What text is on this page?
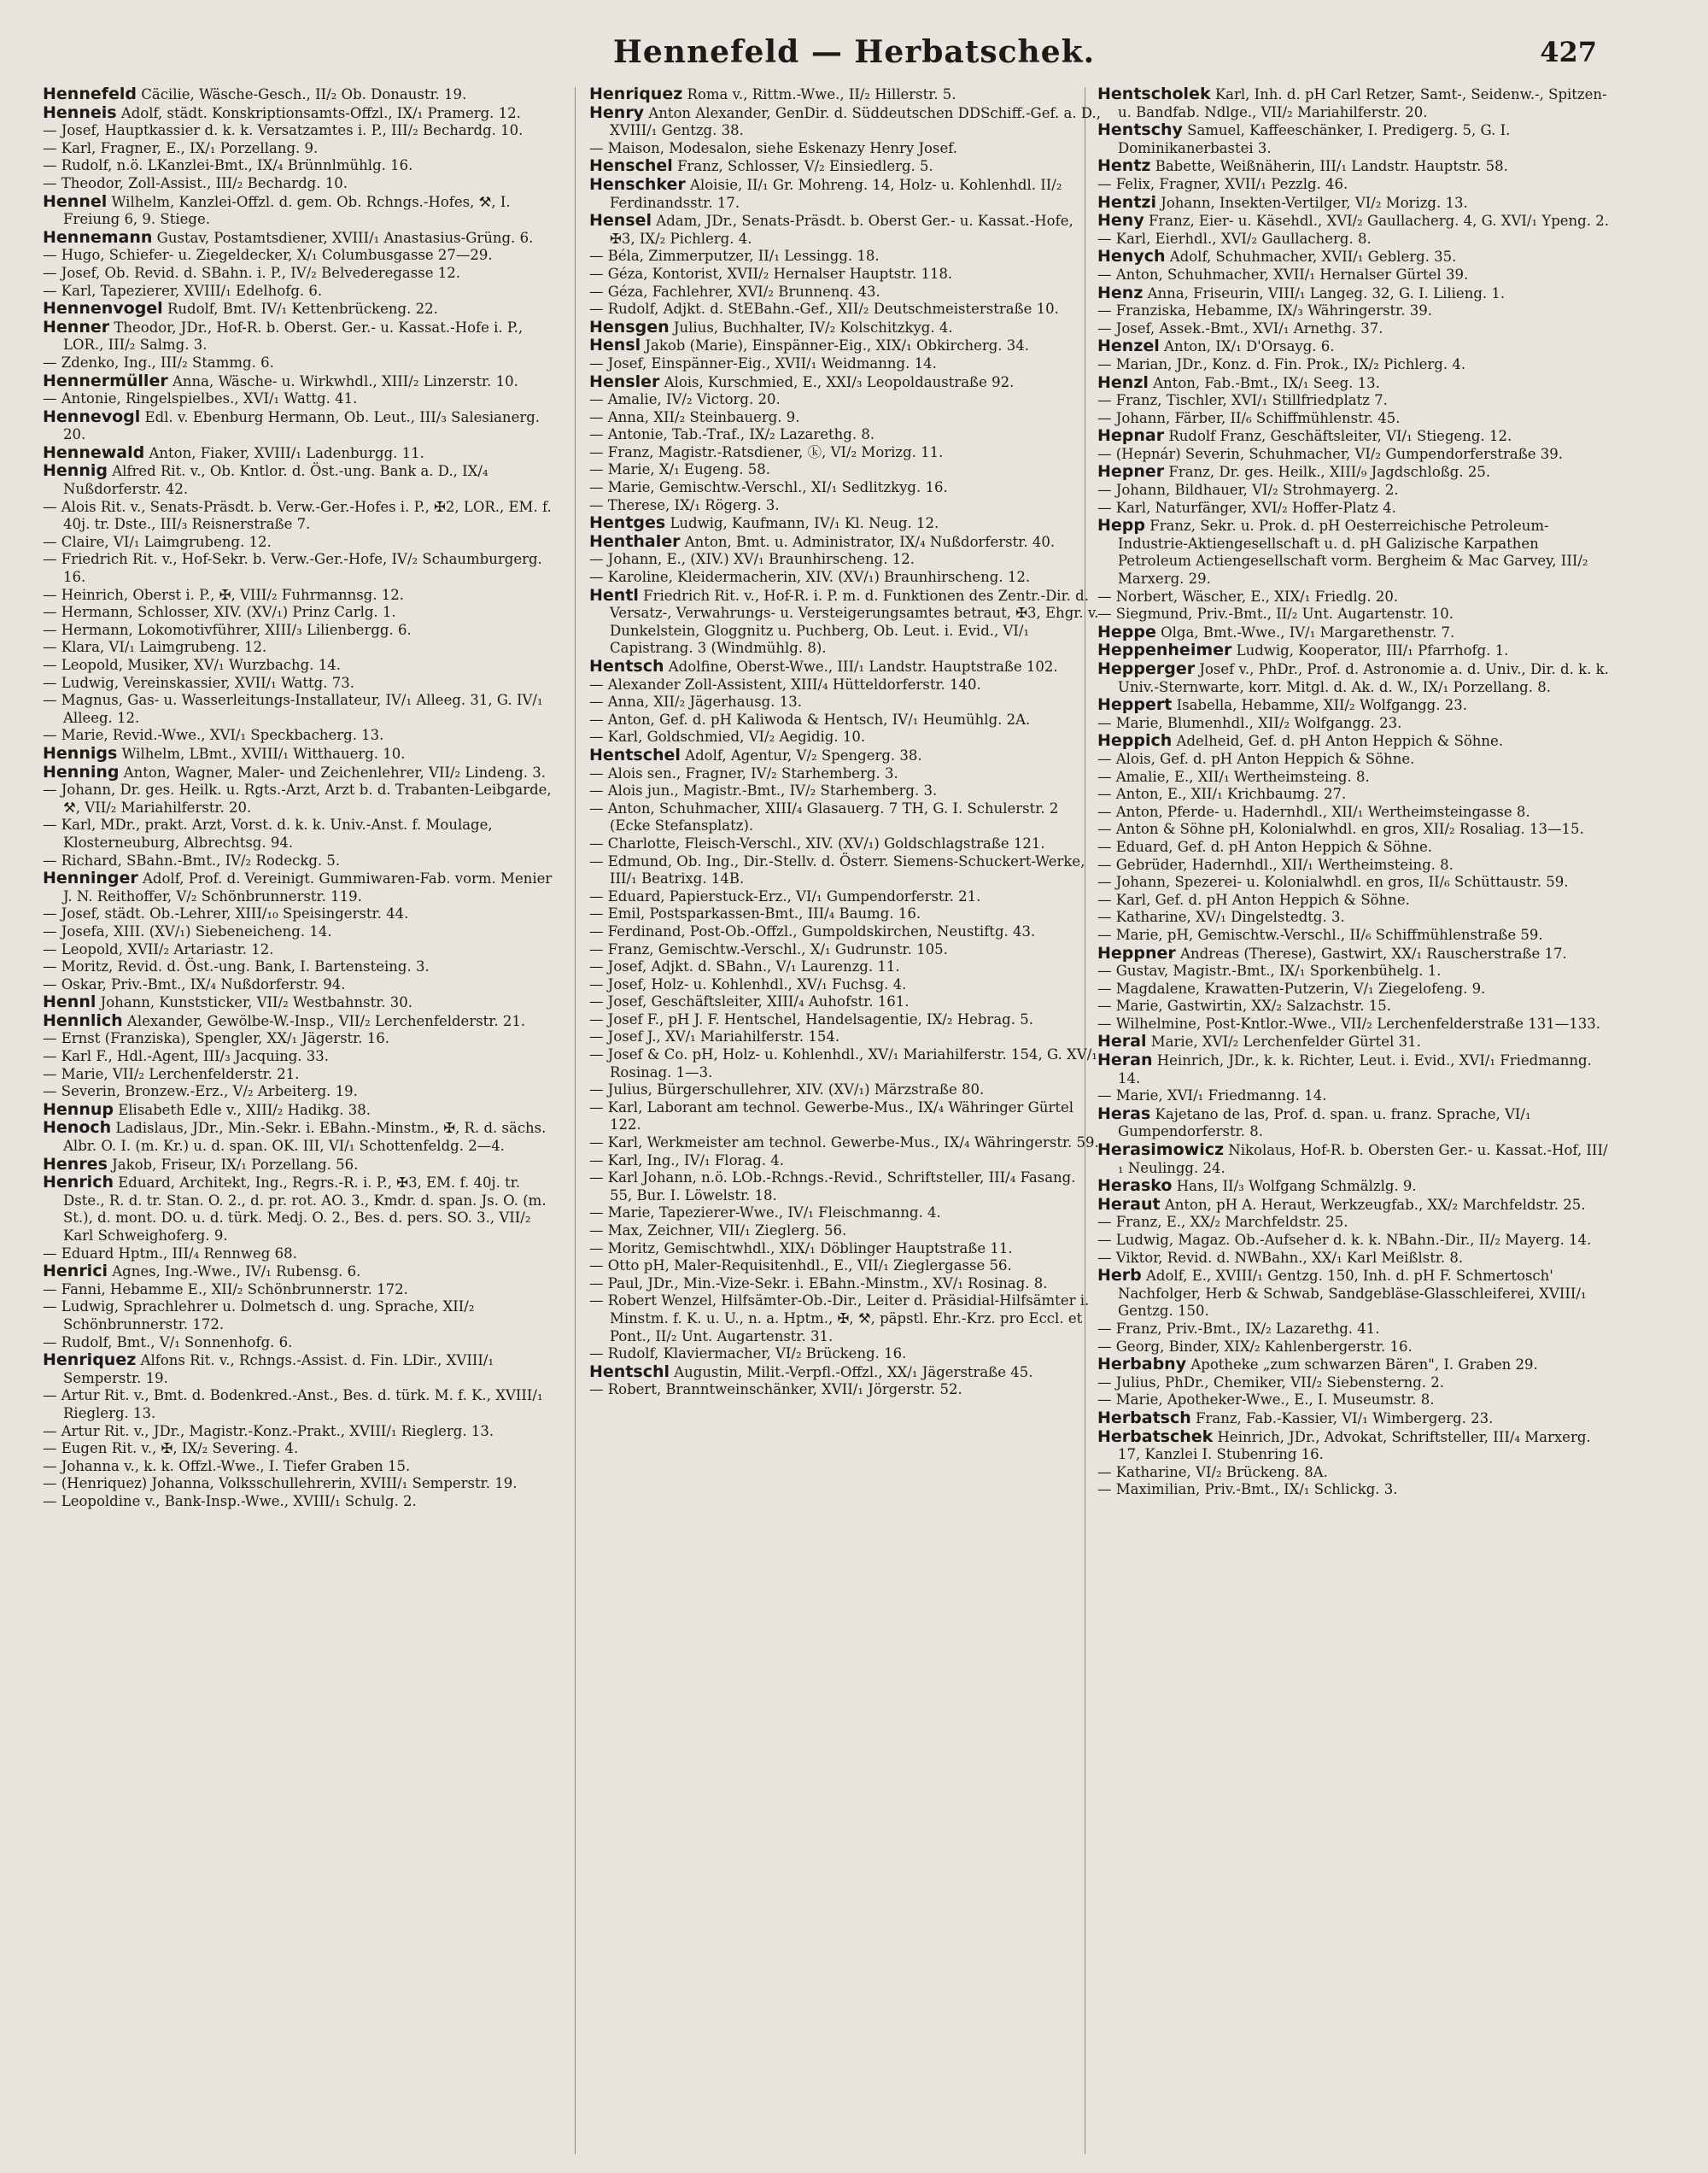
Hennefeld — Herbatschek.	427
Hennefeld Cäcilie, Wäsche-Gesch., II/₂ Ob. Donaustr. 19.
Henneis Adolf, städt. Konskriptionsamts-Offzl., IX/₁ Pramerg. 12.
— Josef, Hauptkassier d. k. k. Versatzamtes i. P., III/₂ Bechardg. 10.
— Karl, Fragner, E., IX/₁ Porzellang. 9.
— Rudolf, n.ö. LKanzlei-Bmt., IX/₄ Brünnlmühlg. 16.
— Theodor, Zoll-Assist., III/₂ Bechardg. 10.
Hennel Wilhelm, Kanzlei-Offzl. d. gem. Ob. Rchngs.-Hofes, ⚒, I. Freiung 6, 9. Stiege.
Hennemann Gustav, Postamtsdiener, XVIII/₁ Anastasius-Grüng. 6.
— Hugo, Schiefer- u. Ziegeldecker, X/₁ Columbusgasse 27—29.
— Josef, Ob. Revid. d. SBahn. i. P., IV/₂ Belvederegasse 12.
— Karl, Tapezierer, XVIII/₁ Edelhofg. 6.
Hennenvogel Rudolf, Bmt. IV/₁ Kettenbrückeng. 22.
Henner Theodor, JDr., Hof-R. b. Oberst. Ger.- u. Kassat.-Hofe i. P., LOR., III/₂ Salmg. 3.
— Zdenko, Ing., III/₂ Stammg. 6.
Hennermüller Anna, Wäsche- u. Wirkwhdl., XIII/₂ Linzerstr. 10.
— Antonie, Ringelspielbes., XVI/₁ Wattg. 41.
Hennevogl Edl. v. Ebenburg Hermann, Ob. Leut., III/₃ Salesianerg. 20.
Hennewald Anton, Fiaker, XVIII/₁ Ladenburgg. 11.
Hennig Alfred Rit. v., Ob. Kntlor. d. Öst.-ung. Bank a. D., IX/₄ Nußdorferstr. 42.
— Alois Rit. v., Senats-Präsdt. b. Verw.-Ger.-Hofes i. P., ✠2, LOR., EM. f. 40j. tr. Dste., III/₃ Reisnerstraße 7.
— Claire, VI/₁ Laimgrubeng. 12.
— Friedrich Rit. v., Hof-Sekr. b. Verw.-Ger.-Hofe, IV/₂ Schaumburgerg. 16.
— Heinrich, Oberst i. P., ✠, VIII/₂ Fuhrmannsg. 12.
— Hermann, Schlosser, XIV. (XV/₁) Prinz Carlg. 1.
— Hermann, Lokomotivführer, XIII/₃ Lilienbergg. 6.
— Klara, VI/₁ Laimgrubeng. 12.
— Leopold, Musiker, XV/₁ Wurzbachg. 14.
— Ludwig, Vereinskassier, XVII/₁ Wattg. 73.
— Magnus, Gas- u. Wasserleitungs-Installateur, IV/₁ Alleeg. 31, G. IV/₁ Alleeg. 12.
— Marie, Revid.-Wwe., XVI/₁ Speckbacherg. 13.
Hennigs Wilhelm, LBmt., XVIII/₁ Witthauerg. 10.
Henning Anton, Wagner, Maler- und Zeichenlehrer, VII/₂ Lindeng. 3.
— Johann, Dr. ges. Heilk. u. Rgts.-Arzt, Arzt b. d. Trabanten-Leibgarde, ⚒, VII/₂ Mariahilferstr. 20.
— Karl, MDr., prakt. Arzt, Vorst. d. k. k. Univ.-Anst. f. Moulage, Klosterneuburg, Albrechtsg. 94.
— Richard, SBahn.-Bmt., IV/₂ Rodeckg. 5.
Henninger Adolf, Prof. d. Vereinigt. Gummiwaren-Fab. vorm. Menier J. N. Reithoffer, V/₂ Schönbrunnerstr. 119.
— Josef, städt. Ob.-Lehrer, XIII/₁₀ Speisingerstr. 44.
— Josefa, XIII. (XV/₁) Siebeneicheng. 14.
— Leopold, XVII/₂ Artariastr. 12.
— Moritz, Revid. d. Öst.-ung. Bank, I. Bartensteing. 3.
— Oskar, Priv.-Bmt., IX/₄ Nußdorferstr. 94.
Hennl Johann, Kunststicker, VII/₂ Westbahnstr. 30.
Hennlich Alexander, Gewölbe-W.-Insp., VII/₂ Lerchenfelderstr. 21.
— Ernst (Franziska), Spengler, XX/₁ Jägerstr. 16.
— Karl F., Hdl.-Agent, III/₃ Jacquing. 33.
— Marie, VII/₂ Lerchenfelderstr. 21.
— Severin, Bronzew.-Erz., V/₂ Arbeiterg. 19.
Hennup Elisabeth Edle v., XIII/₂ Hadikg. 38.
Henoch Ladislaus, JDr., Min.-Sekr. i. EBahn.-Minstm., ✠, R. d. sächs. Albr. O. I. (m. Kr.) u. d. span. OK. III, VI/₁ Schottenfeldg. 2—4.
Henres Jakob, Friseur, IX/₁ Porzellang. 56.
Henrich Eduard, Architekt, Ing., Regrs.-R. i. P., ✠3, EM. f. 40j. tr. Dste., R. d. tr. Stan. O. 2., d. pr. rot. AO. 3., Kmdr. d. span. Js. O. (m. St.), d. mont. DO. u. d. türk. Medj. O. 2., Bes. d. pers. SO. 3., VII/₂ Karl Schweighoferg. 9.
— Eduard Hptm., III/₄ Rennweg 68.
Henrici Agnes, Ing.-Wwe., IV/₁ Rubensg. 6.
— Fanni, Hebamme E., XII/₂ Schönbrunnerstr. 172.
— Ludwig, Sprachlehrer u. Dolmetsch d. ung. Sprache, XII/₂ Schönbrunnerstr. 172.
— Rudolf, Bmt., V/₁ Sonnenhofg. 6.
Henriquez Alfons Rit. v., Rchngs.-Assist. d. Fin. LDir., XVIII/₁ Semperstr. 19.
— Artur Rit. v., Bmt. d. Bodenkred.-Anst., Bes. d. türk. M. f. K., XVIII/₁ Rieglerg. 13.
— Artur Rit. v., JDr., Magistr.-Konz.-Prakt., XVIII/₁ Rieglerg. 13.
— Eugen Rit. v., ✠, IX/₂ Severing. 4.
— Johanna v., k. k. Offzl.-Wwe., I. Tiefer Graben 15.
— (Henriquez) Johanna, Volksschullehrerin, XVIII/₁ Semperstr. 19.
— Leopoldine v., Bank-Insp.-Wwe., XVIII/₁ Schulg. 2.
Henriquez Roma v., Rittm.-Wwe., II/₂ Hillerstr. 5.
Henry Anton Alexander, GenDir. d. Süddeutschen DDSchiff.-Gef. a. D., XVIII/₁ Gentzg. 38.
— Maison, Modesalon, siehe Eskenazy Henry Josef.
Henschel Franz, Schlosser, V/₂ Einsiedlerg. 5.
Henschker Aloisie, II/₁ Gr. Mohreng. 14, Holz- u. Kohlenhdl. II/₂ Ferdinandsstr. 17.
Hensel Adam, JDr., Senats-Präsdt. b. Oberst Ger.- u. Kassat.-Hofe, ✠3, IX/₂ Pichlerg. 4.
— Béla, Zimmerputzer, II/₁ Lessingg. 18.
— Géza, Kontorist, XVII/₂ Hernalser Hauptstr. 118.
— Géza, Fachlehrer, XVI/₂ Brunnenq. 43.
— Rudolf, Adjkt. d. StEBahn.-Gef., XII/₂ Deutschmeisterstraße 10.
Hensgen Julius, Buchhalter, IV/₂ Kolschitzkyg. 4.
Hensl Jakob (Marie), Einspänner-Eig., XIX/₁ Obkircherg. 34.
— Josef, Einspänner-Eig., XVII/₁ Weidmanng. 14.
Hensler Alois, Kurschmied, E., XXI/₃ Leopoldaustraße 92.
— Amalie, IV/₂ Victorg. 20.
— Anna, XII/₂ Steinbauerg. 9.
— Antonie, Tab.-Traf., IX/₂ Lazarethg. 8.
— Franz, Magistr.-Ratsdiener, ⓚ, VI/₂ Morizg. 11.
— Marie, X/₁ Eugeng. 58.
— Marie, Gemischtw.-Verschl., XI/₁ Sedlitzkyg. 16.
— Therese, IX/₁ Rögerg. 3.
Hentges Ludwig, Kaufmann, IV/₁ Kl. Neug. 12.
Henthaler Anton, Bmt. u. Administrator, IX/₄ Nußdorferstr. 40.
— Johann, E., (XIV.) XV/₁ Braunhirscheng. 12.
— Karoline, Kleidermacherin, XIV. (XV/₁) Braunhirscheng. 12.
Hentl Friedrich Rit. v., Hof-R. i. P. m. d. Funktionen des Zentr.-Dir. d. Versatz-, Verwahrungs- u. Versteigerungsamtes betraut, ✠3, Ehgr. v. Dunkelstein, Gloggnitz u. Puchberg, Ob. Leut. i. Evid., VI/₁ Capistrang. 3 (Windmühlg. 8).
Hentsch Adolfine, Oberst-Wwe., III/₁ Landstr. Hauptstraße 102.
— Alexander Zoll-Assistent, XIII/₄ Hütteldorferstr. 140.
— Anna, XII/₂ Jägerhausg. 13.
— Anton, Gef. d. pH Kaliwoda & Hentsch, IV/₁ Heumühlg. 2A.
— Karl, Goldschmied, VI/₂ Aegidig. 10.
Hentschel Adolf, Agentur, V/₂ Spengerg. 38.
— Alois sen., Fragner, IV/₂ Starhemberg. 3.
— Alois jun., Magistr.-Bmt., IV/₂ Starhemberg. 3.
— Anton, Schuhmacher, XIII/₄ Glasauerg. 7 TH, G. I. Schulerstr. 2 (Ecke Stefansplatz).
— Charlotte, Fleisch-Verschl., XIV. (XV/₁) Goldschlagstraße 121.
— Edmund, Ob. Ing., Dir.-Stellv. d. Österr. Siemens-Schuckert-Werke, III/₁ Beatrixg. 14B.
— Eduard, Papierstuck-Erz., VI/₁ Gumpendorferstr. 21.
— Emil, Postsparkassen-Bmt., III/₄ Baumg. 16.
— Ferdinand, Post-Ob.-Offzl., Gumpoldskirchen, Neustiftg. 43.
— Franz, Gemischtw.-Verschl., X/₁ Gudrunstr. 105.
— Josef, Adjkt. d. SBahn., V/₁ Laurenzg. 11.
— Josef, Holz- u. Kohlenhdl., XV/₁ Fuchsg. 4.
— Josef, Geschäftsleiter, XIII/₄ Auhofstr. 161.
— Josef F., pH J. F. Hentschel, Handelsagentie, IX/₂ Hebrag. 5.
— Josef J., XV/₁ Mariahilferstr. 154.
— Josef & Co. pH, Holz- u. Kohlenhdl., XV/₁ Mariahilferstr. 154, G. XV/₁ Rosinag. 1—3.
— Julius, Bürgerschullehrer, XIV. (XV/₁) Märzstraße 80.
— Karl, Laborant am technol. Gewerbe-Mus., IX/₄ Währinger Gürtel 122.
— Karl, Werkmeister am technol. Gewerbe-Mus., IX/₄ Währingerstr. 59.
— Karl, Ing., IV/₁ Florag. 4.
— Karl Johann, n.ö. LOb.-Rchngs.-Revid., Schriftsteller, III/₄ Fasang. 55, Bur. I. Löwelstr. 18.
— Marie, Tapezierer-Wwe., IV/₁ Fleischmanng. 4.
— Max, Zeichner, VII/₁ Zieglerg. 56.
— Moritz, Gemischtwhdl., XIX/₁ Döblinger Hauptstraße 11.
— Otto pH, Maler-Requisitenhdl., E., VII/₁ Zieglergasse 56.
— Paul, JDr., Min.-Vize-Sekr. i. EBahn.-Minstm., XV/₁ Rosinag. 8.
— Robert Wenzel, Hilfsämter-Ob.-Dir., Leiter d. Präsidial-Hilfsämter i. Minstm. f. K. u. U., n. a. Hptm., ✠, ⚒, päpstl. Ehr.-Krz. pro Eccl. et Pont., II/₂ Unt. Augartenstr. 31.
— Rudolf, Klaviermacher, VI/₂ Brückeng. 16.
Hentschl Augustin, Milit.-Verpfl.-Offzl., XX/₁ Jägerstraße 45.
— Robert, Branntweinschänker, XVII/₁ Jörgerstr. 52.
Hentscholek Karl, Inh. d. pH Carl Retzer, Samt-, Seidenw.-, Spitzen-u. Bandfab. Ndlge., VII/₂ Mariahilferstr. 20.
Hentschy Samuel, Kaffeeschänker, I. Predigerg. 5, G. I. Dominikanerbastei 3.
Hentz Babette, Weißnäherin, III/₁ Landstr. Hauptstr. 58.
— Felix, Fragner, XVII/₁ Pezzlg. 46.
Hentzi Johann, Insekten-Vertilger, VI/₂ Morizg. 13.
Heny Franz, Eier- u. Käsehdl., XVI/₂ Gaullacherg. 4, G. XVI/₁ Ypeng. 2.
— Karl, Eierhdl., XVI/₂ Gaullacherg. 8.
Henych Adolf, Schuhmacher, XVII/₁ Geblerg. 35.
— Anton, Schuhmacher, XVII/₁ Hernalser Gürtel 39.
Henz Anna, Friseurin, VIII/₁ Langeg. 32, G. I. Lilieng. 1.
— Franziska, Hebamme, IX/₃ Währingerstr. 39.
— Josef, Assek.-Bmt., XVI/₁ Arnethg. 37.
Henzel Anton, IX/₁ D'Orsayg. 6.
— Marian, JDr., Konz. d. Fin. Prok., IX/₂ Pichlerg. 4.
Henzl Anton, Fab.-Bmt., IX/₁ Seeg. 13.
— Franz, Tischler, XVI/₁ Stillfriedplatz 7.
— Johann, Färber, II/₆ Schiffmühlenstr. 45.
Hepnar Rudolf Franz, Geschäftsleiter, VI/₁ Stiegeng. 12.
— (Hepnár) Severin, Schuhmacher, VI/₂ Gumpendorferstraße 39.
Hepner Franz, Dr. ges. Heilk., XIII/₉ Jagdschloßg. 25.
— Johann, Bildhauer, VI/₂ Strohmayerg. 2.
— Karl, Naturfänger, XVI/₂ Hoffer-Platz 4.
Hepp Franz, Sekr. u. Prok. d. pH Oesterreichische Petroleum-Industrie-Aktiengesellschaft u. d. pH Galizische Karpathen Petroleum Actiengesellschaft vorm. Bergheim & Mac Garvey, III/₂ Marxerg. 29.
— Norbert, Wäscher, E., XIX/₁ Friedlg. 20.
— Siegmund, Priv.-Bmt., II/₂ Unt. Augartenstr. 10.
Heppe Olga, Bmt.-Wwe., IV/₁ Margarethenstr. 7.
Heppenheimer Ludwig, Kooperator, III/₁ Pfarrhofg. 1.
Hepperger Josef v., PhDr., Prof. d. Astronomie a. d. Univ., Dir. d. k. k. Univ.-Sternwarte, korr. Mitgl. d. Ak. d. W., IX/₁ Porzellang. 8.
Heppert Isabella, Hebamme, XII/₂ Wolfgangg. 23.
— Marie, Blumenhdl., XII/₂ Wolfgangg. 23.
Heppich Adelheid, Gef. d. pH Anton Heppich & Söhne.
— Alois, Gef. d. pH Anton Heppich & Söhne.
— Amalie, E., XII/₁ Wertheimsteing. 8.
— Anton, E., XII/₁ Krichbaumg. 27.
— Anton, Pferde- u. Hadernhdl., XII/₁ Wertheimsteingasse 8.
— Anton & Söhne pH, Kolonialwhdl. en gros, XII/₂ Rosaliag. 13—15.
— Eduard, Gef. d. pH Anton Heppich & Söhne.
— Gebrüder, Hadernhdl., XII/₁ Wertheimsteing. 8.
— Johann, Spezerei- u. Kolonialwhdl. en gros, II/₆ Schüttaustr. 59.
— Karl, Gef. d. pH Anton Heppich & Söhne.
— Katharine, XV/₁ Dingelstedtg. 3.
— Marie, pH, Gemischtw.-Verschl., II/₆ Schiffmühlenstraße 59.
Heppner Andreas (Therese), Gastwirt, XX/₁ Rauscherstraße 17.
— Gustav, Magistr.-Bmt., IX/₁ Sporkenbühelg. 1.
— Magdalene, Krawatten-Putzerin, V/₁ Ziegelofeng. 9.
— Marie, Gastwirtin, XX/₂ Salzachstr. 15.
— Wilhelmine, Post-Kntlor.-Wwe., VII/₂ Lerchenfelderstraße 131—133.
Heral Marie, XVI/₂ Lerchenfelder Gürtel 31.
Heran Heinrich, JDr., k. k. Richter, Leut. i. Evid., XVI/₁ Friedmanng. 14.
— Marie, XVI/₁ Friedmanng. 14.
Heras Kajetano de las, Prof. d. span. u. franz. Sprache, VI/₁ Gumpendorferstr. 8.
Herasimowicz Nikolaus, Hof-R. b. Obersten Ger.- u. Kassat.-Hof, III/₁ Neulingg. 24.
Herasko Hans, II/₃ Wolfgang Schmälzlg. 9.
Heraut Anton, pH A. Heraut, Werkzeugfab., XX/₂ Marchfeldstr. 25.
— Franz, E., XX/₂ Marchfeldstr. 25.
— Ludwig, Magaz. Ob.-Aufseher d. k. k. NBahn.-Dir., II/₂ Mayerg. 14.
— Viktor, Revid. d. NWBahn., XX/₁ Karl Meißlstr. 8.
Herb Adolf, E., XVIII/₁ Gentzg. 150, Inh. d. pH F. Schmertosch' Nachfolger, Herb & Schwab, Sandgebläse-Glasschleiferei, XVIII/₁ Gentzg. 150.
— Franz, Priv.-Bmt., IX/₂ Lazarethg. 41.
— Georg, Binder, XIX/₂ Kahlenbergerstr. 16.
Herbabny Apotheke „zum schwarzen Bären", I. Graben 29.
— Julius, PhDr., Chemiker, VII/₂ Siebensterng. 2.
— Marie, Apotheker-Wwe., E., I. Museumstr. 8.
Herbatsch Franz, Fab.-Kassier, VI/₁ Wimbergerg. 23.
Herbatschek Heinrich, JDr., Advokat, Schriftsteller, III/₄ Marxerg. 17, Kanzlei I. Stubenring 16.
— Katharine, VI/₂ Brückeng. 8A.
— Maximilian, Priv.-Bmt., IX/₁ Schlickg. 3.
